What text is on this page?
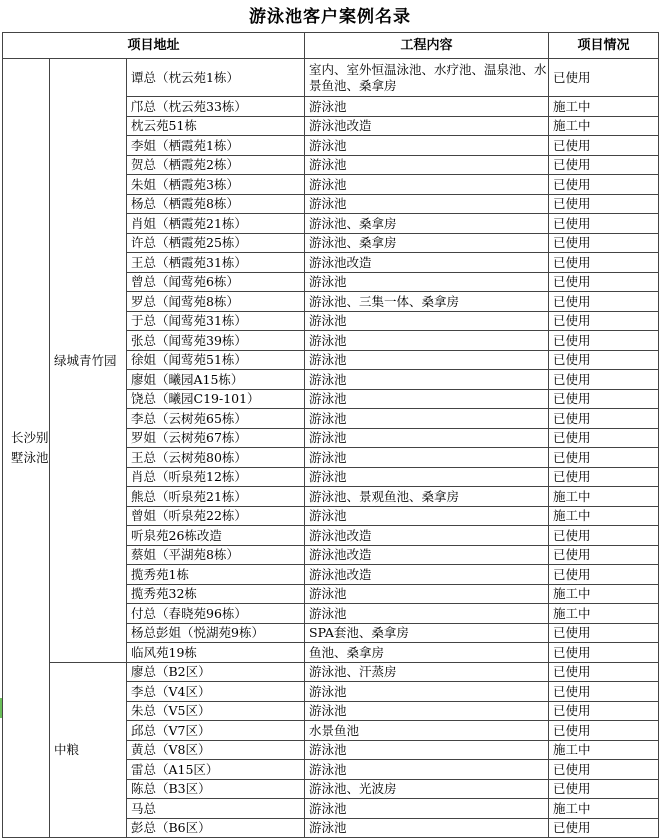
游泳池客户案例名录
项目地址			工程内容	项目情况
长沙别墅泳池	绿城青竹园	谭总（枕云苑1栋）	室内、室外恒温泳池、水疗池、温泉池、水景鱼池、桑拿房	已使用
		邝总（枕云苑33栋）	游泳池	施工中
		枕云苑51栋	游泳池改造	施工中
		李姐（栖霞苑1栋）	游泳池	已使用
		贺总（栖霞苑2栋）	游泳池	已使用
		朱姐（栖霞苑3栋）	游泳池	已使用
		杨总（栖霞苑8栋）	游泳池	已使用
		肖姐（栖霞苑21栋）	游泳池、桑拿房	已使用
		许总（栖霞苑25栋）	游泳池、桑拿房	已使用
		王总（栖霞苑31栋）	游泳池改造	已使用
		曾总（闻莺苑6栋）	游泳池	已使用
		罗总（闻莺苑8栋）	游泳池、三集一体、桑拿房	已使用
		于总（闻莺苑31栋）	游泳池	已使用
		张总（闻莺苑39栋）	游泳池	已使用
		徐姐（闻莺苑51栋）	游泳池	已使用
		廖姐（曦园A15栋）	游泳池	已使用
		饶总（曦园C19-101）	游泳池	已使用
		李总（云树苑65栋）	游泳池	已使用
		罗姐（云树苑67栋）	游泳池	已使用
		王总（云树苑80栋）	游泳池	已使用
		肖总（听泉苑12栋）	游泳池	已使用
		熊总（听泉苑21栋）	游泳池、景观鱼池、桑拿房	施工中
		曾姐（听泉苑22栋）	游泳池	施工中
		听泉苑26栋改造	游泳池改造	已使用
		蔡姐（平湖苑8栋）	游泳池改造	已使用
		揽秀苑1栋	游泳池改造	已使用
		揽秀苑32栋	游泳池	施工中
		付总（春晓苑96栋）	游泳池	施工中
		杨总彭姐（悦湖苑9栋）	SPA套池、桑拿房	已使用
		临风苑19栋	鱼池、桑拿房	已使用
	中粮	廖总（B2区）	游泳池、汗蒸房	已使用
		李总（V4区）	游泳池	已使用
		朱总（V5区）	游泳池	已使用
		邱总（V7区）	水景鱼池	已使用
		黄总（V8区）	游泳池	施工中
		雷总（A15区）	游泳池	已使用
		陈总（B3区）	游泳池、光波房	已使用
		马总	游泳池	施工中
		彭总（B6区）	游泳池	已使用
